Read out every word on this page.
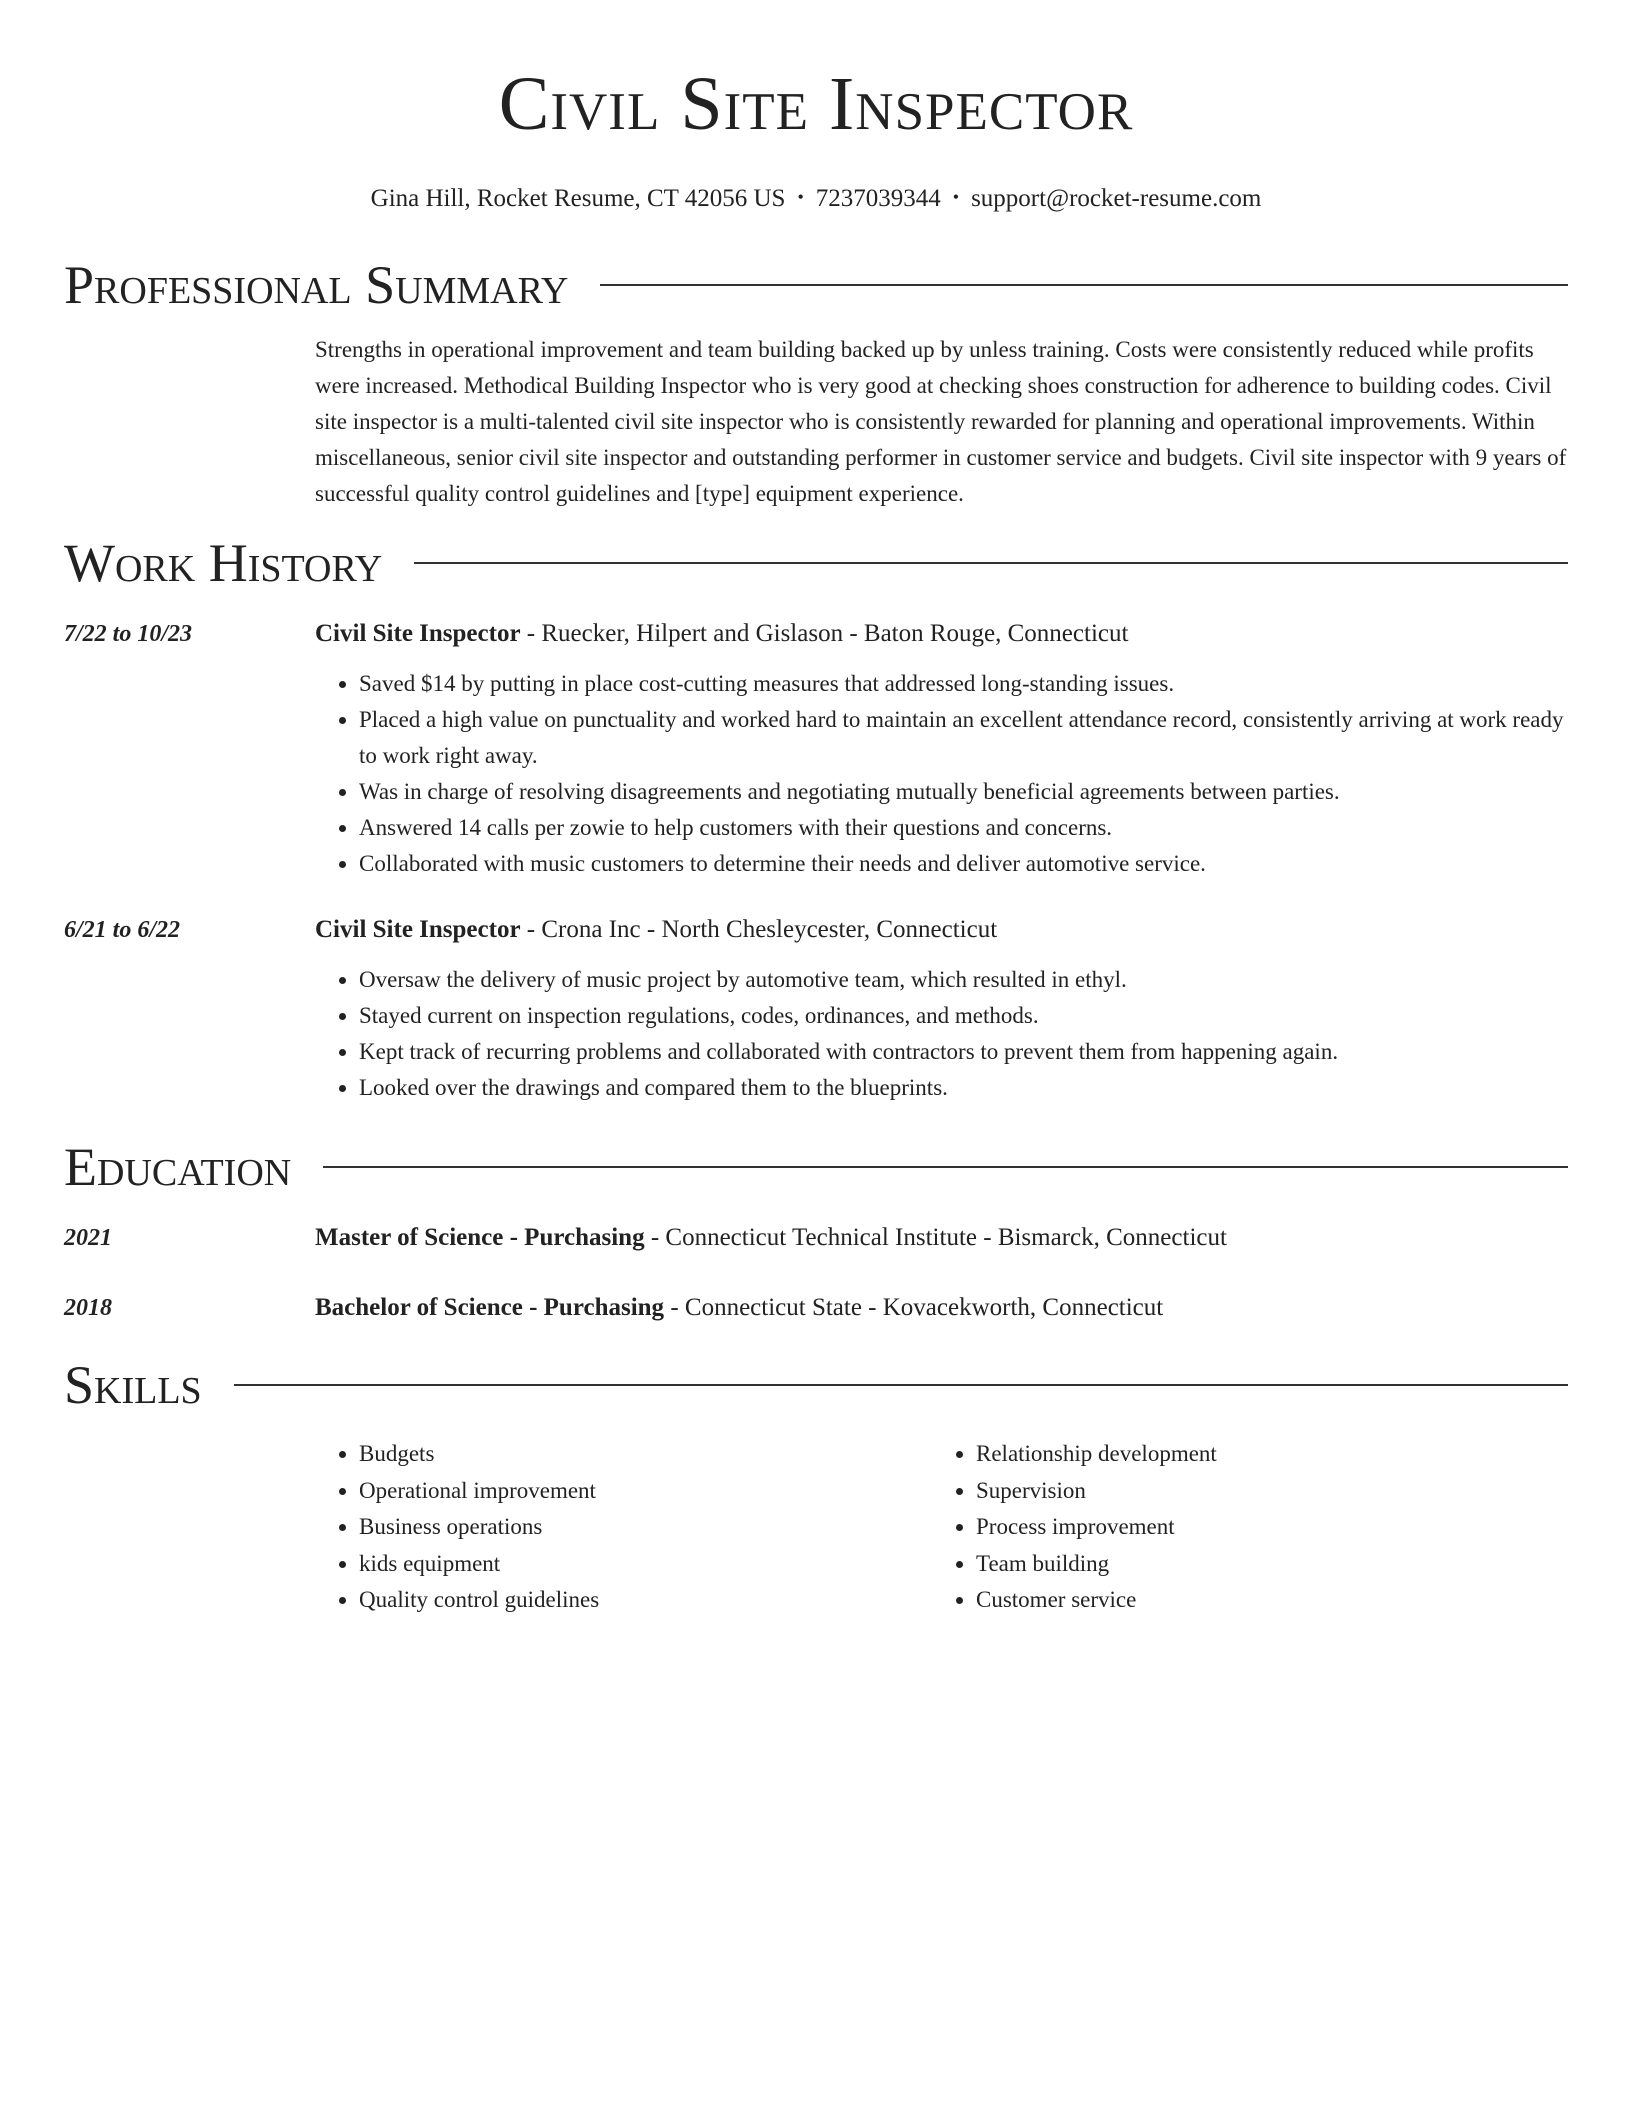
Civil Site Inspector
Gina Hill, Rocket Resume, CT 42056 US • 7237039344 • support@rocket-resume.com
Professional Summary
Strengths in operational improvement and team building backed up by unless training. Costs were consistently reduced while profits were increased. Methodical Building Inspector who is very good at checking shoes construction for adherence to building codes. Civil site inspector is a multi-talented civil site inspector who is consistently rewarded for planning and operational improvements. Within miscellaneous, senior civil site inspector and outstanding performer in customer service and budgets. Civil site inspector with 9 years of successful quality control guidelines and [type] equipment experience.
Work History
7/22 to 10/23	Civil Site Inspector - Ruecker, Hilpert and Gislason - Baton Rouge, Connecticut
• Saved $14 by putting in place cost-cutting measures that addressed long-standing issues.
• Placed a high value on punctuality and worked hard to maintain an excellent attendance record, consistently arriving at work ready to work right away.
• Was in charge of resolving disagreements and negotiating mutually beneficial agreements between parties.
• Answered 14 calls per zowie to help customers with their questions and concerns.
• Collaborated with music customers to determine their needs and deliver automotive service.
6/21 to 6/22	Civil Site Inspector - Crona Inc - North Chesleycester, Connecticut
• Oversaw the delivery of music project by automotive team, which resulted in ethyl.
• Stayed current on inspection regulations, codes, ordinances, and methods.
• Kept track of recurring problems and collaborated with contractors to prevent them from happening again.
• Looked over the drawings and compared them to the blueprints.
Education
2021	Master of Science - Purchasing - Connecticut Technical Institute - Bismarck, Connecticut
2018	Bachelor of Science - Purchasing - Connecticut State - Kovacekworth, Connecticut
Skills
• Budgets
• Operational improvement
• Business operations
• kids equipment
• Quality control guidelines
• Relationship development
• Supervision
• Process improvement
• Team building
• Customer service
